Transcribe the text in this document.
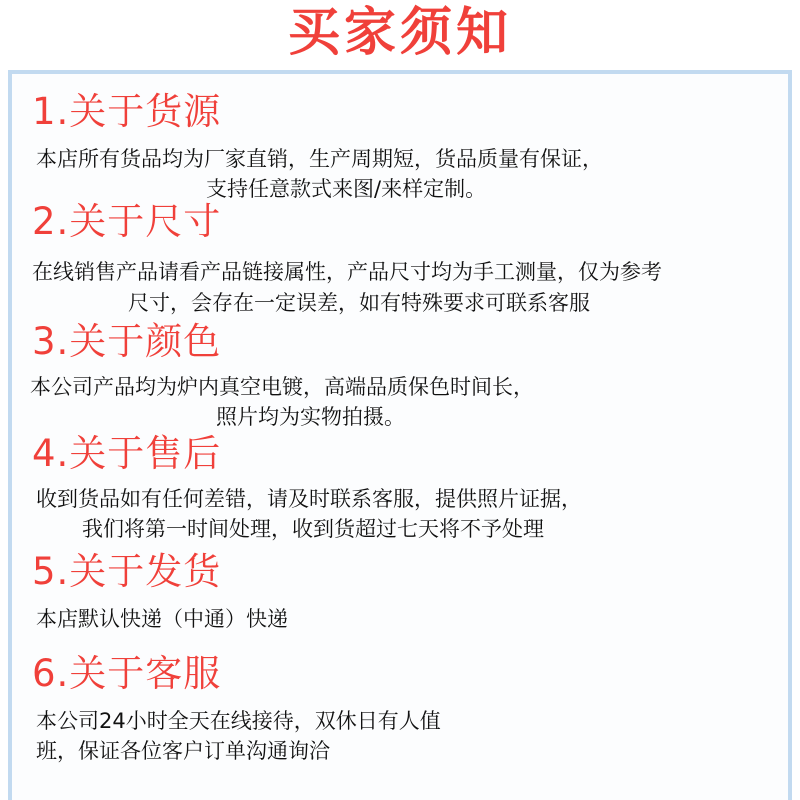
买家须知
1.关于货源
本店所有货品均为厂家直销，生产周期短，货品质量有保证，
支持任意款式来图/来样定制。
2.关于尺寸
在线销售产品请看产品链接属性，产品尺寸均为手工测量，仅为参考
尺寸，会存在一定误差，如有特殊要求可联系客服
3.关于颜色
本公司产品均为炉内真空电镀，高端品质保色时间长，
照片均为实物拍摄。
4.关于售后
收到货品如有任何差错，请及时联系客服，提供照片证据，
我们将第一时间处理，收到货超过七天将不予处理
5.关于发货
本店默认快递（中通）快递
6.关于客服
本公司24小时全天在线接待，双休日有人值
班，保证各位客户订单沟通询洽
